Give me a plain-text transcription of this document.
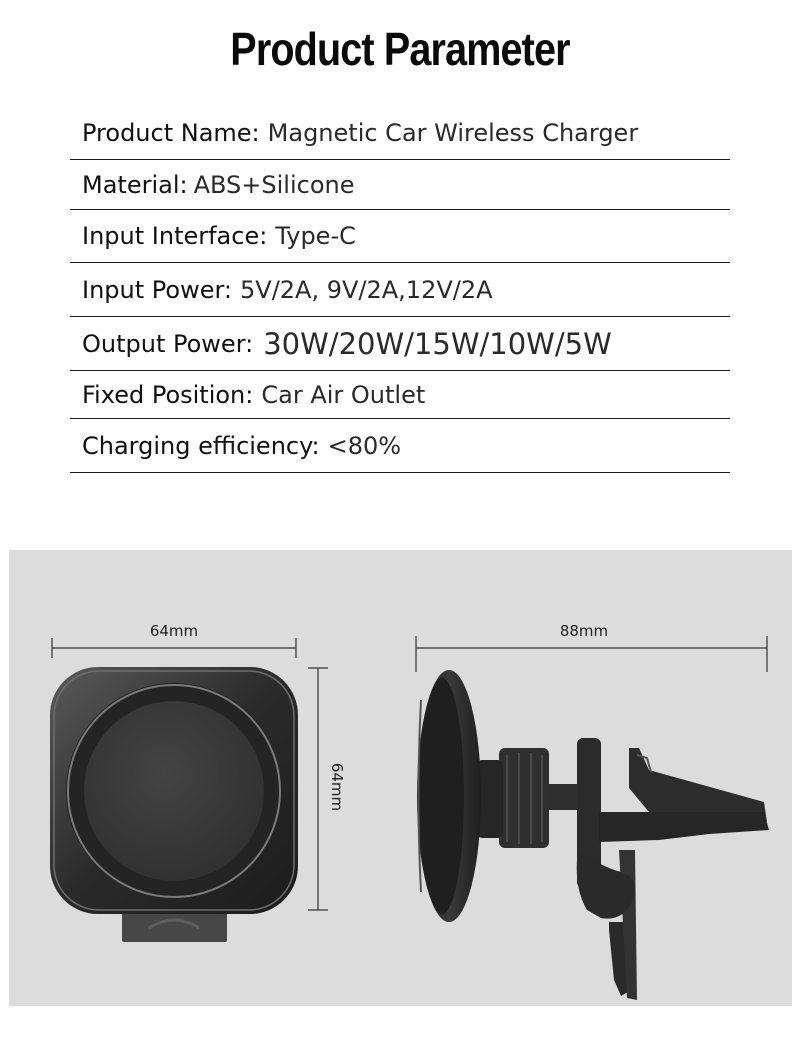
Product Parameter
Product Name: Magnetic Car Wireless Charger
Material: ABS+Silicone
Input Interface: Type-C
Input Power: 5V/2A, 9V/2A,12V/2A
Output Power: 30W/20W/15W/10W/5W
Fixed Position: Car Air Outlet
Charging efficiency: <80%
64mm
64mm
88mm
